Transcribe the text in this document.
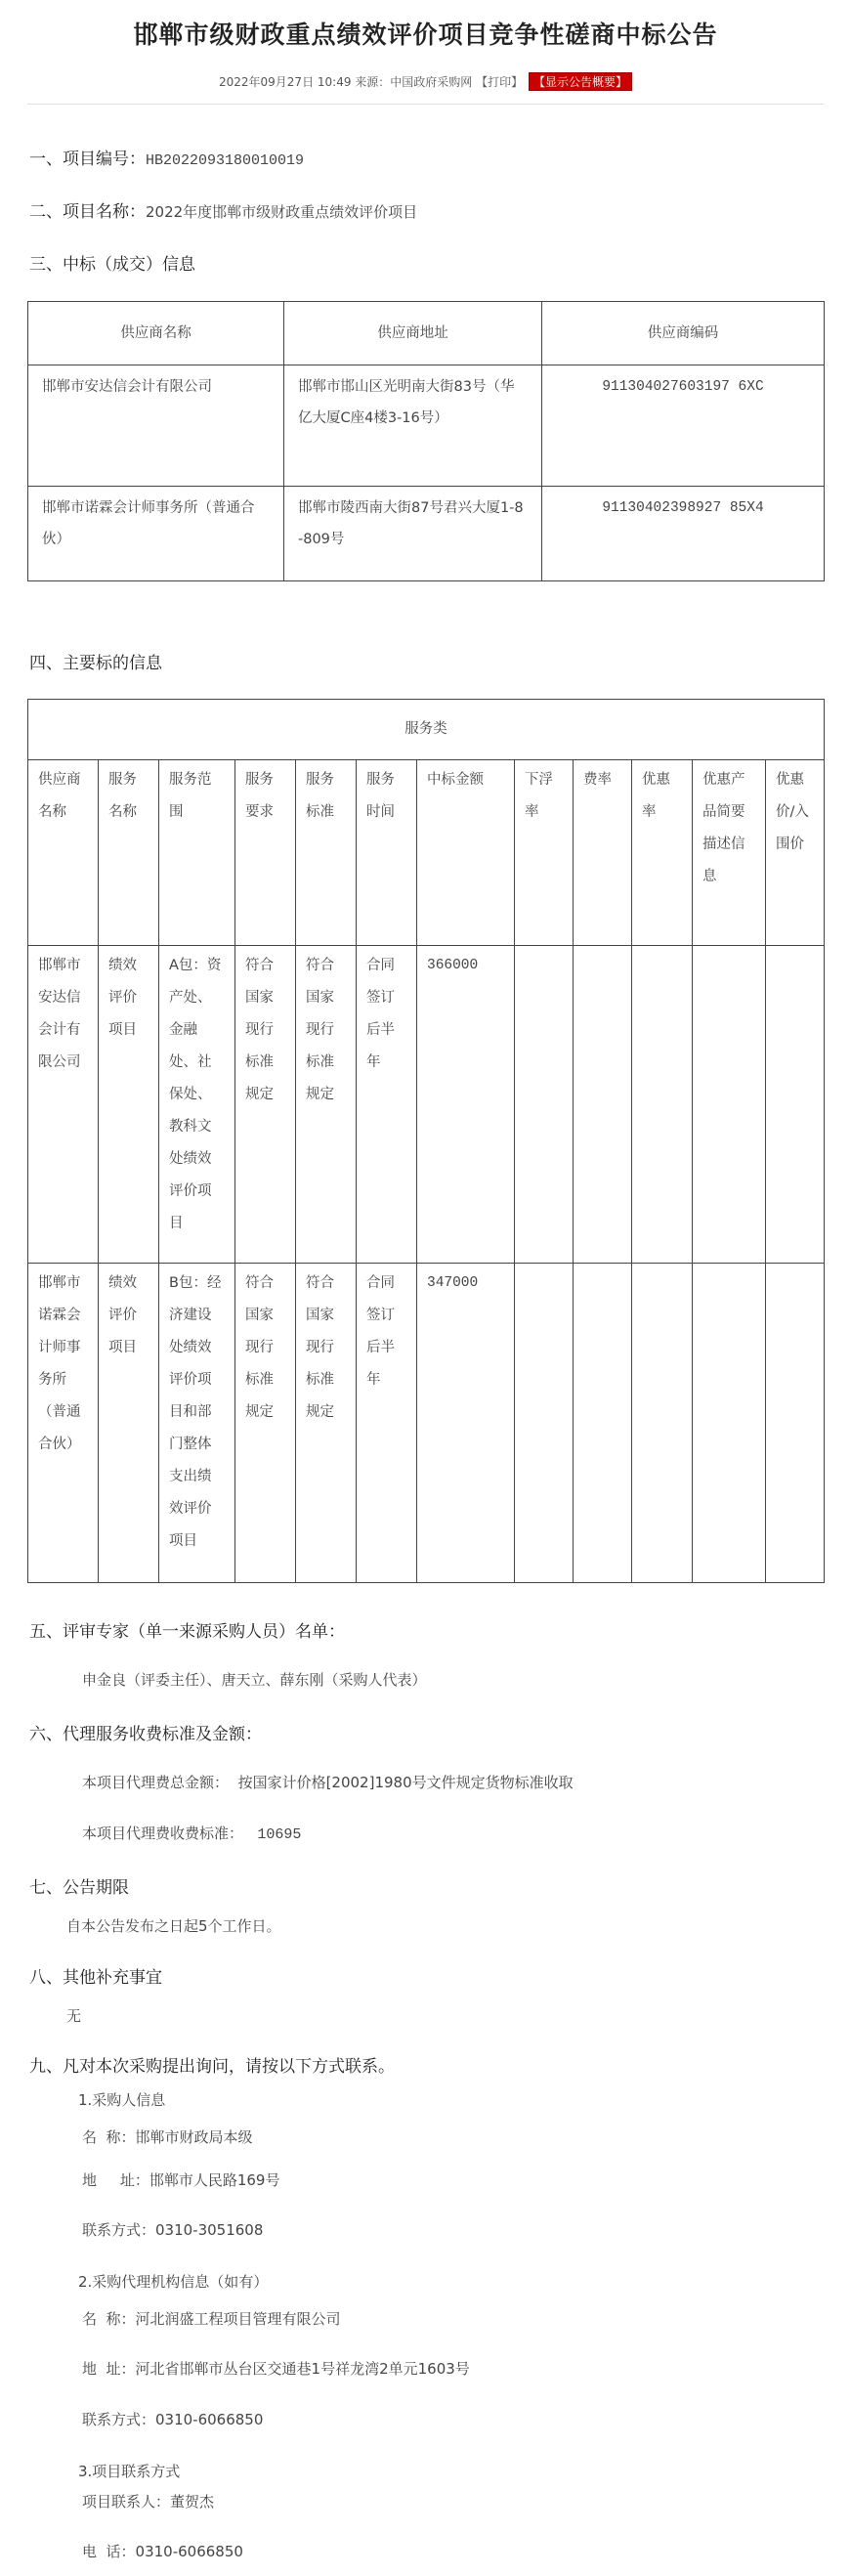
邯郸市级财政重点绩效评价项目竞争性磋商中标公告
2022年09月27日 10:49 来源：中国政府采购网 【打印】 【显示公告概要】
一、项目编号：HB2022093180010019
二、项目名称：2022年度邯郸市级财政重点绩效评价项目
三、中标（成交）信息
供应商名称	供应商地址	供应商编码
邯郸市安达信会计有限公司	邯郸市邯山区光明南大街83号（华亿大厦C座4楼3-16号）	911304027603197 6XC
邯郸市诺霖会计师事务所（普通合伙）	邯郸市陵西南大街87号君兴大厦1-8-809号	91130402398927 85X4
四、主要标的信息
服务类											
供应商名称	服务名称	服务范围	服务要求	服务标准	服务时间	中标金额	下浮率	费率	优惠率	优惠产品简要描述信息	优惠价/入围价
邯郸市安达信会计有限公司	绩效评价项目	A包：资产处、金融处、社保处、教科文处绩效评价项目	符合国家现行标准规定	符合国家现行标准规定	合同签订后半年	366000					
邯郸市诺霖会计师事务所（普通合伙）	绩效评价项目	B包：经济建设处绩效评价项目和部门整体支出绩效评价项目	符合国家现行标准规定	符合国家现行标准规定	合同签订后半年	347000					
五、评审专家（单一来源采购人员）名单：
申金良（评委主任）、唐天立、薛东刚（采购人代表）
六、代理服务收费标准及金额：
本项目代理费总金额： 按国家计价格[2002]1980号文件规定货物标准收取
本项目代理费收费标准： 10695
七、公告期限
自本公告发布之日起5个工作日。
八、其他补充事宜
无
九、凡对本次采购提出询问，请按以下方式联系。
1.采购人信息
名  称：邯郸市财政局本级
地     址：邯郸市人民路169号
联系方式：0310-3051608
2.采购代理机构信息（如有）
名  称：河北润盛工程项目管理有限公司
地  址：河北省邯郸市丛台区交通巷1号祥龙湾2单元1603号
联系方式：0310-6066850
3.项目联系方式
项目联系人：董贺杰
电  话：0310-6066850
